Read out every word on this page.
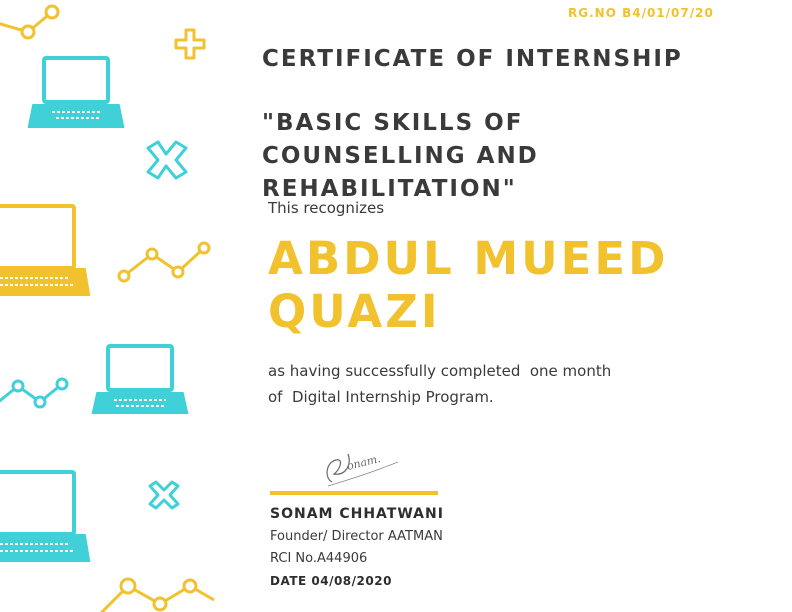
RG.NO B4/01/07/20
CERTIFICATE OF INTERNSHIP
"BASIC SKILLS OF COUNSELLING AND REHABILITATION"
This recognizes
ABDUL MUEED QUAZI
as having successfully completed  one month
of  Digital Internship Program.
onam.
SONAM CHHATWANI
Founder/ Director AATMAN
RCI No.A44906
DATE 04/08/2020
